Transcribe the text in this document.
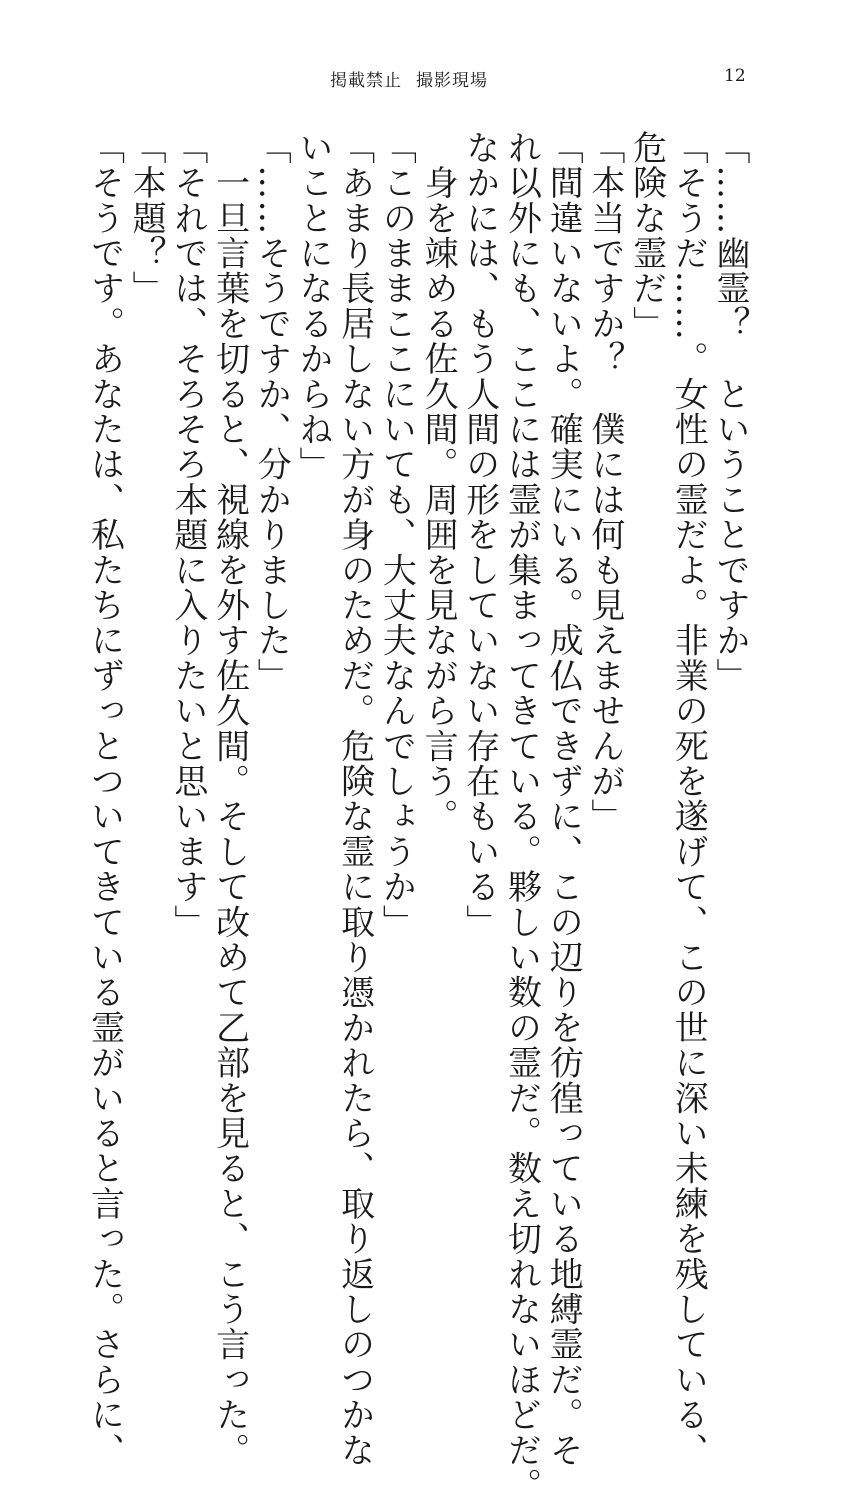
掲載禁止 撮影現場	12
「……幽霊？　ということですか」
「そうだ……。女性の霊だよ。非業の死を遂げて、この世に深い未練を残している、
危険な霊だ」
「本当ですか？　僕には何も見えませんが」
「間違いないよ。確実にいる。成仏できずに、この辺りを彷徨っている地縛霊だ。そ
れ以外にも、ここには霊が集まってきている。夥しい数の霊だ。数え切れないほどだ。
なかには、もう人間の形をしていない存在もいる」
　身を竦める佐久間。周囲を見ながら言う。
「このままここにいても、大丈夫なんでしょうか」
「あまり長居しない方が身のためだ。危険な霊に取り憑かれたら、取り返しのつかな
いことになるからね」
「……そうですか、分かりました」
　一旦言葉を切ると、視線を外す佐久間。そして改めて乙部を見ると、こう言った。
「それでは、そろそろ本題に入りたいと思います」
「本題？」
「そうです。あなたは、私たちにずっとついてきている霊がいると言った。さらに、
